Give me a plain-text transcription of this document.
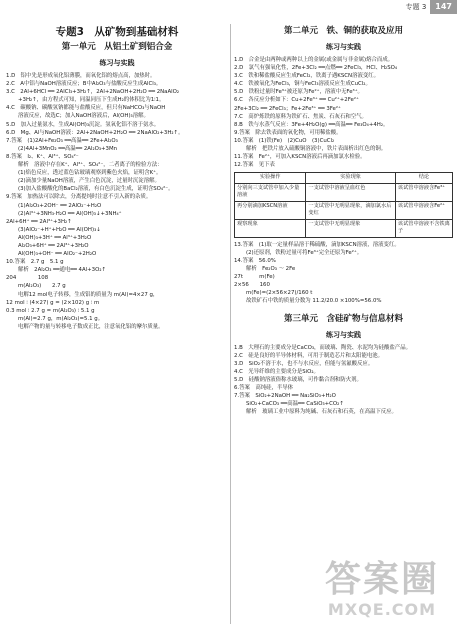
专题 3	147
专题3　从矿物到基础材料
第一单元　从铝土矿到铝合金
练习与实践
1.D　铝中先是形成氧化铝薄膜，而氧化铝的熔点高，加热时。
2.C　A中铝与NaOH溶液反应；B中Al₂O₃与盐酸反应生成AlCl₃。
3.C　2Al+6HCl ══ 2AlCl₃+3H₂↑，2Al+2NaOH+2H₂O ══ 2NaAlO₂
+3H₂↑，由方程式可知，同温同压下生成H₂的体积比为1∶1。
4.C　碳酸钠、碳酸氢钠都能与盐酸反应，但只有NaHCO₃与NaOH
溶液反应，故选C；加入NaOH溶液后，Al(OH)₃溶解。
5.D　加入过量氨水，生成Al(OH)₃沉淀。氢氧化铝不溶于氨水。
6.D　Mg、Al与NaOH溶液：2Al+2NaOH+2H₂O ══ 2NaAlO₂+3H₂↑。
7.答案　(1)2Al+Fe₂O₃ ══高温══ 2Fe+Al₂O₃
(2)4Al+3MnO₂ ══高温══ 2Al₂O₃+3Mn
8.答案　I₂、K⁺、Al³⁺、SO₄²⁻
解析　溶液中存在K⁺、Al³⁺、SO₄²⁻，二者离子的检验方法：
(1)焰色反应，透过蓝色钴玻璃观察到紫色火焰，证明含K⁺。
(2)滴加少量NaOH溶液，产生白色沉淀，过量时沉淀溶解。
(3)加入盐酸酸化的BaCl₂溶液，有白色沉淀生成，证明含SO₄²⁻。
9.答案　加热法可以除去，分离提纯时注意不引入新的杂质。
(1)Al₂O₃+2OH⁻ ══ 2AlO₂⁻+H₂O
(2)Al³⁺+3NH₃·H₂O ══ Al(OH)₃↓+3NH₄⁺
2Al+6H⁺ ══ 2Al³⁺+3H₂↑
(3)AlO₂⁻+H⁺+H₂O ══ Al(OH)₃↓
Al(OH)₃+3H⁺ ══ Al³⁺+3H₂O
Al₂O₃+6H⁺ ══ 2Al³⁺+3H₂O
Al(OH)₃+OH⁻ ══ AlO₂⁻+2H₂O
10.答案　2.7 g　5.1 g
解析　2Al₂O₃ ══通电══ 4Al+3O₂↑
204　　　　108
m(Al₂O₃)　　2.7 g
电解12 mol电子转移，生成铝的质量为 m(Al)=4×27 g，
12 mol ∶ (4×27) g = (2×102) g ∶ m
0.3 mol ∶ 2.7 g = m(Al₂O₃) ∶ 5.1 g
m(Al)=2.7 g，m(Al₂O₃)=5.1 g。
电解产物的量与转移电子数成正比，注意氧化铝的摩尔质量。
第二单元　铁、铜的获取及应用
练习与实践
1.D　合金是由两种或两种以上的金属(或金属与非金属)熔合而成。
2.D　氯气有强氧化性，2Fe+3Cl₂ ══点燃══ 2FeCl₃，HCl、H₂SO₄
3.C　铁和稀盐酸反应生成FeCl₂，铁离子遇KSCN溶液变红。
4.C　铁被氧化为FeCl₃，铜与FeCl₃溶液反应生成CuCl₂。
5.D　铁粉过量时Fe³⁺被还原为Fe²⁺，溶液中无Fe³⁺。
6.C　各反应分析如下：Cu+2Fe³⁺ ══ Cu²⁺+2Fe²⁺
2Fe+3Cl₂ ══ 2FeCl₃；Fe+2Fe³⁺ ══ 3Fe²⁺
7.C　高炉炼铁的原料为铁矿石、焦炭、石灰石和空气。
8.B　铁与水蒸气反应：3Fe+4H₂O(g) ══高温══ Fe₃O₄+4H₂。
9.答案　除去铁表面的氧化物，可用稀盐酸。
10.答案　(1)铁(Fe)　(2)CuO　(3)CuCl₂
解析　把铁片放入硫酸铜溶液中，铁片表面析出红色的铜。
11.答案　Fe²⁺，可加入KSCN溶液后再滴加氯水检验。
12.答案　见下表
实验操作	实验现象	结论
分别向三支试管中加入少量溶液	一支试管中溶液呈血红色	该试管中溶液含Fe³⁺
再分别滴加KSCN溶液	一支试管中无明显现象，滴加氯水后变红	该试管中溶液含Fe²⁺
观察现象	一支试管中无明显现象	该试管中溶液不含铁离子
13.答案　(1)取一定量样品溶于稀硫酸，滴加KSCN溶液，溶液变红。
(2)还原剂，铁粉过量可将Fe³⁺完全还原为Fe²⁺。
14.答案　56.0%
解析　Fe₂O₃ ～ 2Fe
27t　　　m(Fe)
2×56　　160
m(Fe)=(2×56×27)/160 t
故铁矿石中铁的质量分数为 11.2/20.0 ×100%=56.0%
第三单元　含硅矿物与信息材料
练习与实践
1.B　大理石的主要成分是CaCO₃，而玻璃、陶瓷、水泥均为硅酸盐产品。
2.C　硅是良好的半导体材料，可用于制造芯片和太阳能电池。
3.D　SiO₂不溶于水，也不与水反应，但能与氢氟酸反应。
4.C　光导纤维的主要成分是SiO₂。
5.D　硅酸钠溶液俗称水玻璃，可作黏合剂和防火剂。
6.答案　高纯硅，半导体
7.答案　SiO₂+2NaOH ══ Na₂SiO₃+H₂O
SiO₂+CaCO₃ ══高温══ CaSiO₃+CO₂↑
解析　玻璃工业中原料为纯碱、石灰石和石英，在高温下反应。
答案圈
MXQE.COM
